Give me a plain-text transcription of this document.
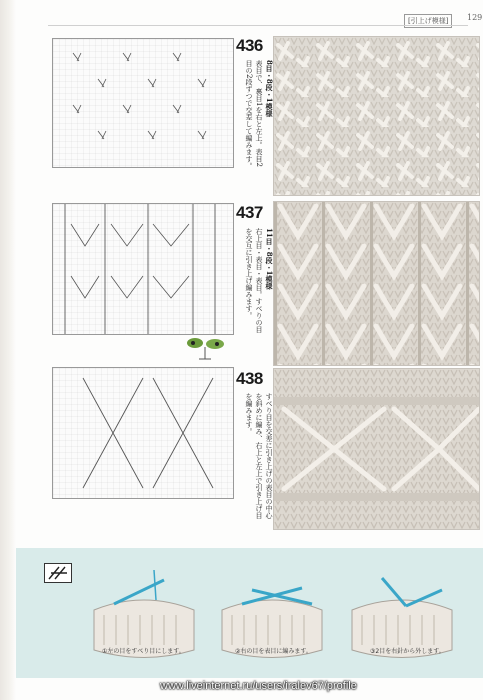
[引上げ模様]	129
436
8目・8段・1模様
表目で、裏目1を右と左上。表目2目の2段ずつで交差して編みます。
437
11目・8段・1模様
右上目・表目・表目。すべりの目を交互に引き上げ編みます。
438
すべり目を交差に引き上げの表目の中心を斜めに編み、右上と左上で引き上げ目を編みます。
①左の目をすべり目にします。	②右の目を表目に編みます。	③2目を右針から外します。
www.liveinternet.ru/users/iralev67/profile
